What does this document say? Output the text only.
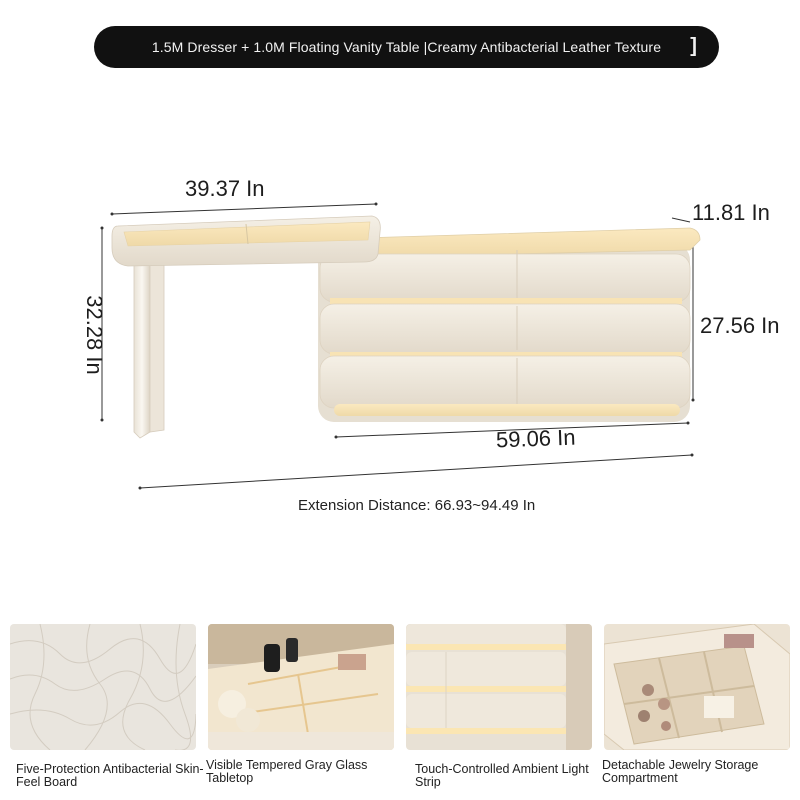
1.5M Dresser + 1.0M Floating Vanity Table |Creamy Antibacterial Leather Texture ]
39.37 In
11.81 In
32.28 In	27.56 In
59.06 In
Extension Distance: 66.93~94.49 In
Five-Protection Antibacterial Skin-Feel Board
Visible Tempered Gray Glass Tabletop
Touch-Controlled Ambient Light Strip
Detachable Jewelry Storage Compartment
